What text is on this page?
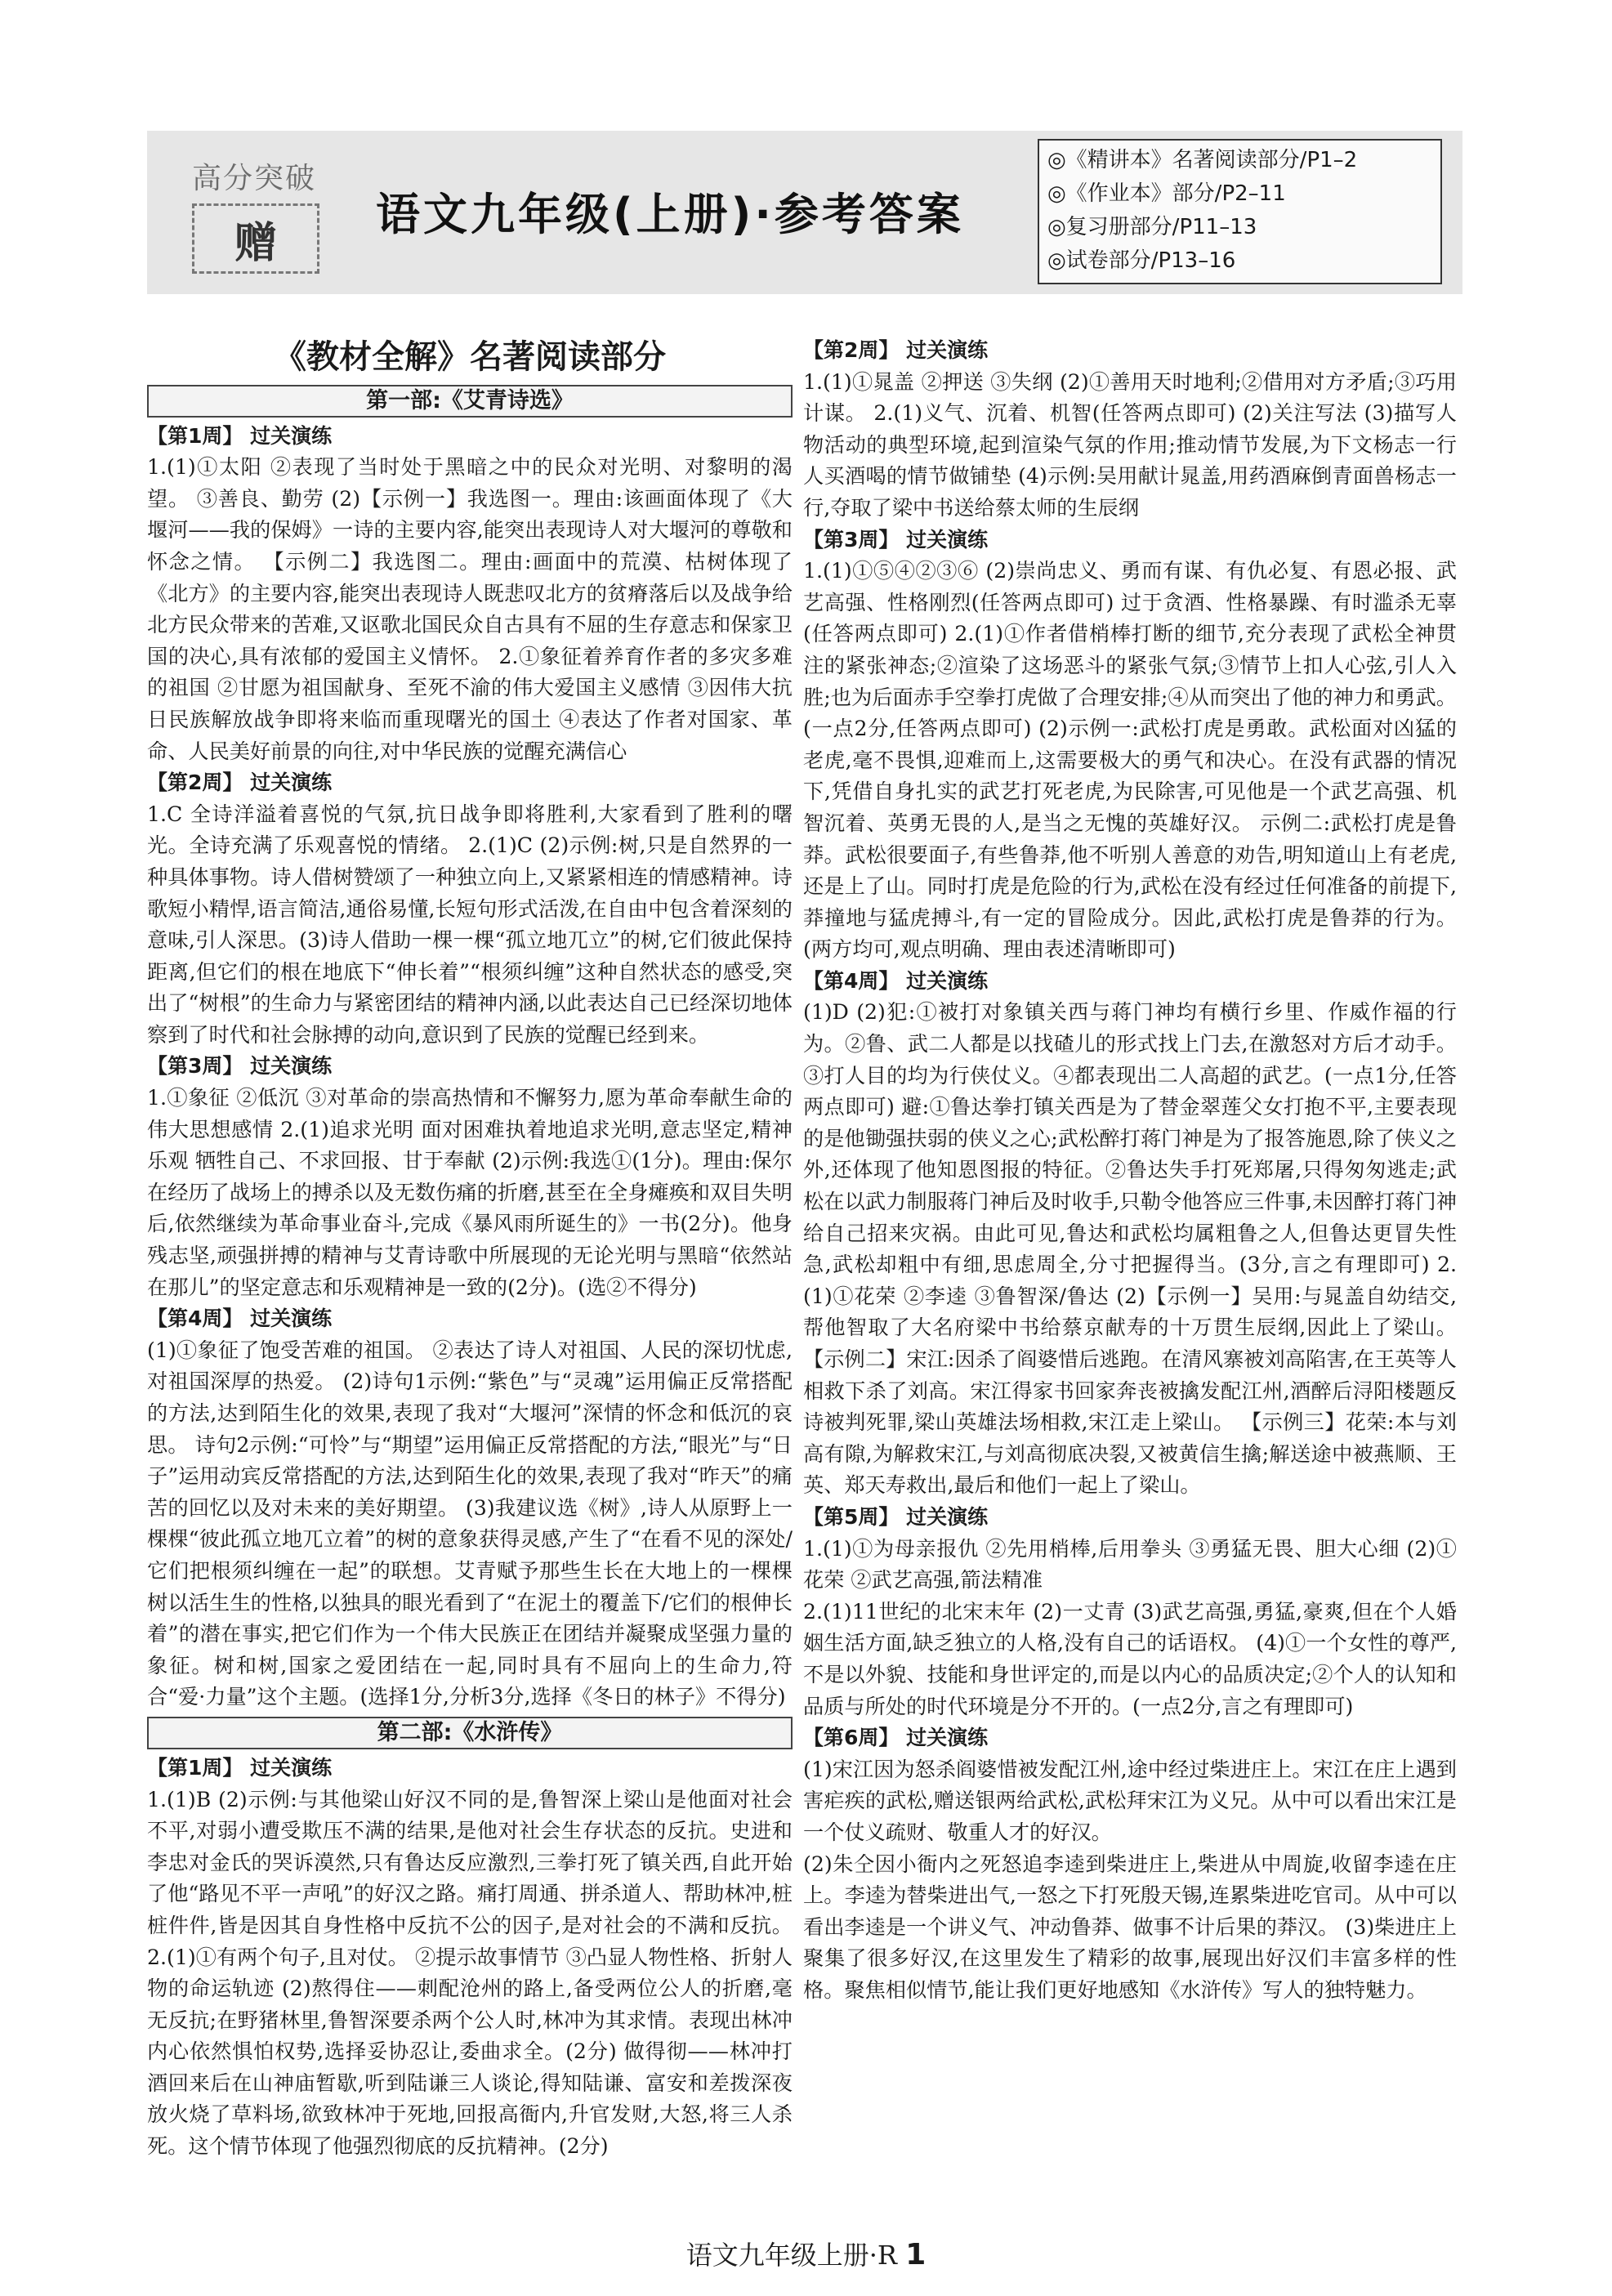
高分突破
赠
语文九年级(上册)·参考答案
◎《精讲本》名著阅读部分/P1–2
◎《作业本》部分/P2–11
◎复习册部分/P11–13
◎试卷部分/P13–16
《教材全解》名著阅读部分
第一部:《艾青诗选》

【第1周】 过关演练

1.(1)①太阳 ②表现了当时处于黑暗之中的民众对光明、对黎明的渴望。 ③善良、勤劳 (2)【示例一】我选图一。理由:该画面体现了《大堰河——我的保姆》一诗的主要内容,能突出表现诗人对大堰河的尊敬和怀念之情。 【示例二】我选图二。理由:画面中的荒漠、枯树体现了《北方》的主要内容,能突出表现诗人既悲叹北方的贫瘠落后以及战争给北方民众带来的苦难,又讴歌北国民众自古具有不屈的生存意志和保家卫国的决心,具有浓郁的爱国主义情怀。 2.①象征着养育作者的多灾多难的祖国 ②甘愿为祖国献身、至死不渝的伟大爱国主义感情 ③因伟大抗日民族解放战争即将来临而重现曙光的国土 ④表达了作者对国家、革命、人民美好前景的向往,对中华民族的觉醒充满信心

【第2周】 过关演练

1.C 全诗洋溢着喜悦的气氛,抗日战争即将胜利,大家看到了胜利的曙光。全诗充满了乐观喜悦的情绪。 2.(1)C (2)示例:树,只是自然界的一种具体事物。诗人借树赞颂了一种独立向上,又紧紧相连的情感精神。诗歌短小精悍,语言简洁,通俗易懂,长短句形式活泼,在自由中包含着深刻的意味,引人深思。(3)诗人借助一棵一棵“孤立地兀立”的树,它们彼此保持距离,但它们的根在地底下“伸长着”“根须纠缠”这种自然状态的感受,突出了“树根”的生命力与紧密团结的精神内涵,以此表达自己已经深切地体察到了时代和社会脉搏的动向,意识到了民族的觉醒已经到来。

【第3周】 过关演练

1.①象征 ②低沉 ③对革命的崇高热情和不懈努力,愿为革命奉献生命的伟大思想感情 2.(1)追求光明 面对困难执着地追求光明,意志坚定,精神乐观 牺牲自己、不求回报、甘于奉献 (2)示例:我选①(1分)。理由:保尔在经历了战场上的搏杀以及无数伤痛的折磨,甚至在全身瘫痪和双目失明后,依然继续为革命事业奋斗,完成《暴风雨所诞生的》一书(2分)。他身残志坚,顽强拼搏的精神与艾青诗歌中所展现的无论光明与黑暗“依然站在那儿”的坚定意志和乐观精神是一致的(2分)。(选②不得分)

【第4周】 过关演练

(1)①象征了饱受苦难的祖国。 ②表达了诗人对祖国、人民的深切忧虑,对祖国深厚的热爱。 (2)诗句1示例:“紫色”与“灵魂”运用偏正反常搭配的方法,达到陌生化的效果,表现了我对“大堰河”深情的怀念和低沉的哀思。 诗句2示例:“可怜”与“期望”运用偏正反常搭配的方法,“眼光”与“日子”运用动宾反常搭配的方法,达到陌生化的效果,表现了我对“昨天”的痛苦的回忆以及对未来的美好期望。 (3)我建议选《树》,诗人从原野上一棵棵“彼此孤立地兀立着”的树的意象获得灵感,产生了“在看不见的深处/它们把根须纠缠在一起”的联想。艾青赋予那些生长在大地上的一棵棵树以活生生的性格,以独具的眼光看到了“在泥土的覆盖下/它们的根伸长着”的潜在事实,把它们作为一个伟大民族正在团结并凝聚成坚强力量的象征。树和树,国家之爱团结在一起,同时具有不屈向上的生命力,符合“爱·力量”这个主题。(选择1分,分析3分,选择《冬日的林子》不得分)

第二部:《水浒传》

【第1周】 过关演练

1.(1)B (2)示例:与其他梁山好汉不同的是,鲁智深上梁山是他面对社会不平,对弱小遭受欺压不满的结果,是他对社会生存状态的反抗。史进和李忠对金氏的哭诉漠然,只有鲁达反应激烈,三拳打死了镇关西,自此开始了他“路见不平一声吼”的好汉之路。痛打周通、拼杀道人、帮助林冲,桩桩件件,皆是因其自身性格中反抗不公的因子,是对社会的不满和反抗。 2.(1)①有两个句子,且对仗。 ②提示故事情节 ③凸显人物性格、折射人物的命运轨迹 (2)熬得住——刺配沧州的路上,备受两位公人的折磨,毫无反抗;在野猪林里,鲁智深要杀两个公人时,林冲为其求情。表现出林冲内心依然惧怕权势,选择妥协忍让,委曲求全。(2分) 做得彻——林冲打酒回来后在山神庙暂歇,听到陆谦三人谈论,得知陆谦、富安和差拨深夜放火烧了草料场,欲致林冲于死地,回报高衙内,升官发财,大怒,将三人杀死。这个情节体现了他强烈彻底的反抗精神。(2分)

【第2周】 过关演练

1.(1)①晁盖 ②押送 ③失纲 (2)①善用天时地利;②借用对方矛盾;③巧用计谋。 2.(1)义气、沉着、机智(任答两点即可) (2)关注写法 (3)描写人物活动的典型环境,起到渲染气氛的作用;推动情节发展,为下文杨志一行人买酒喝的情节做铺垫 (4)示例:吴用献计晁盖,用药酒麻倒青面兽杨志一行,夺取了梁中书送给蔡太师的生辰纲

【第3周】 过关演练

1.(1)①⑤④②③⑥ (2)崇尚忠义、勇而有谋、有仇必复、有恩必报、武艺高强、性格刚烈(任答两点即可) 过于贪酒、性格暴躁、有时滥杀无辜(任答两点即可) 2.(1)①作者借梢棒打断的细节,充分表现了武松全神贯注的紧张神态;②渲染了这场恶斗的紧张气氛;③情节上扣人心弦,引人入胜;也为后面赤手空拳打虎做了合理安排;④从而突出了他的神力和勇武。(一点2分,任答两点即可) (2)示例一:武松打虎是勇敢。武松面对凶猛的老虎,毫不畏惧,迎难而上,这需要极大的勇气和决心。在没有武器的情况下,凭借自身扎实的武艺打死老虎,为民除害,可见他是一个武艺高强、机智沉着、英勇无畏的人,是当之无愧的英雄好汉。 示例二:武松打虎是鲁莽。武松很要面子,有些鲁莽,他不听别人善意的劝告,明知道山上有老虎,还是上了山。同时打虎是危险的行为,武松在没有经过任何准备的前提下,莽撞地与猛虎搏斗,有一定的冒险成分。因此,武松打虎是鲁莽的行为。(两方均可,观点明确、理由表述清晰即可)

【第4周】 过关演练

(1)D (2)犯:①被打对象镇关西与蒋门神均有横行乡里、作威作福的行为。②鲁、武二人都是以找碴儿的形式找上门去,在激怒对方后才动手。③打人目的均为行侠仗义。④都表现出二人高超的武艺。(一点1分,任答两点即可) 避:①鲁达拳打镇关西是为了替金翠莲父女打抱不平,主要表现的是他锄强扶弱的侠义之心;武松醉打蒋门神是为了报答施恩,除了侠义之外,还体现了他知恩图报的特征。②鲁达失手打死郑屠,只得匆匆逃走;武松在以武力制服蒋门神后及时收手,只勒令他答应三件事,未因醉打蒋门神给自己招来灾祸。由此可见,鲁达和武松均属粗鲁之人,但鲁达更冒失性急,武松却粗中有细,思虑周全,分寸把握得当。(3分,言之有理即可) 2.(1)①花荣 ②李逵 ③鲁智深/鲁达 (2)【示例一】吴用:与晁盖自幼结交,帮他智取了大名府梁中书给蔡京献寿的十万贯生辰纲,因此上了梁山。【示例二】宋江:因杀了阎婆惜后逃跑。在清风寨被刘高陷害,在王英等人相救下杀了刘高。宋江得家书回家奔丧被擒发配江州,酒醉后浔阳楼题反诗被判死罪,梁山英雄法场相救,宋江走上梁山。 【示例三】花荣:本与刘高有隙,为解救宋江,与刘高彻底决裂,又被黄信生擒;解送途中被燕顺、王英、郑天寿救出,最后和他们一起上了梁山。

【第5周】 过关演练

1.(1)①为母亲报仇 ②先用梢棒,后用拳头 ③勇猛无畏、胆大心细 (2)①花荣 ②武艺高强,箭法精准

2.(1)11世纪的北宋末年 (2)一丈青 (3)武艺高强,勇猛,豪爽,但在个人婚姻生活方面,缺乏独立的人格,没有自己的话语权。 (4)①一个女性的尊严,不是以外貌、技能和身世评定的,而是以内心的品质决定;②个人的认知和品质与所处的时代环境是分不开的。(一点2分,言之有理即可)

【第6周】 过关演练

(1)宋江因为怒杀阎婆惜被发配江州,途中经过柴进庄上。宋江在庄上遇到害疟疾的武松,赠送银两给武松,武松拜宋江为义兄。从中可以看出宋江是一个仗义疏财、敬重人才的好汉。

(2)朱仝因小衙内之死怒追李逵到柴进庄上,柴进从中周旋,收留李逵在庄上。李逵为替柴进出气,一怒之下打死殷天锡,连累柴进吃官司。从中可以看出李逵是一个讲义气、冲动鲁莽、做事不计后果的莽汉。 (3)柴进庄上聚集了很多好汉,在这里发生了精彩的故事,展现出好汉们丰富多样的性格。聚焦相似情节,能让我们更好地感知《水浒传》写人的独特魅力。

语文九年级上册·R 1
